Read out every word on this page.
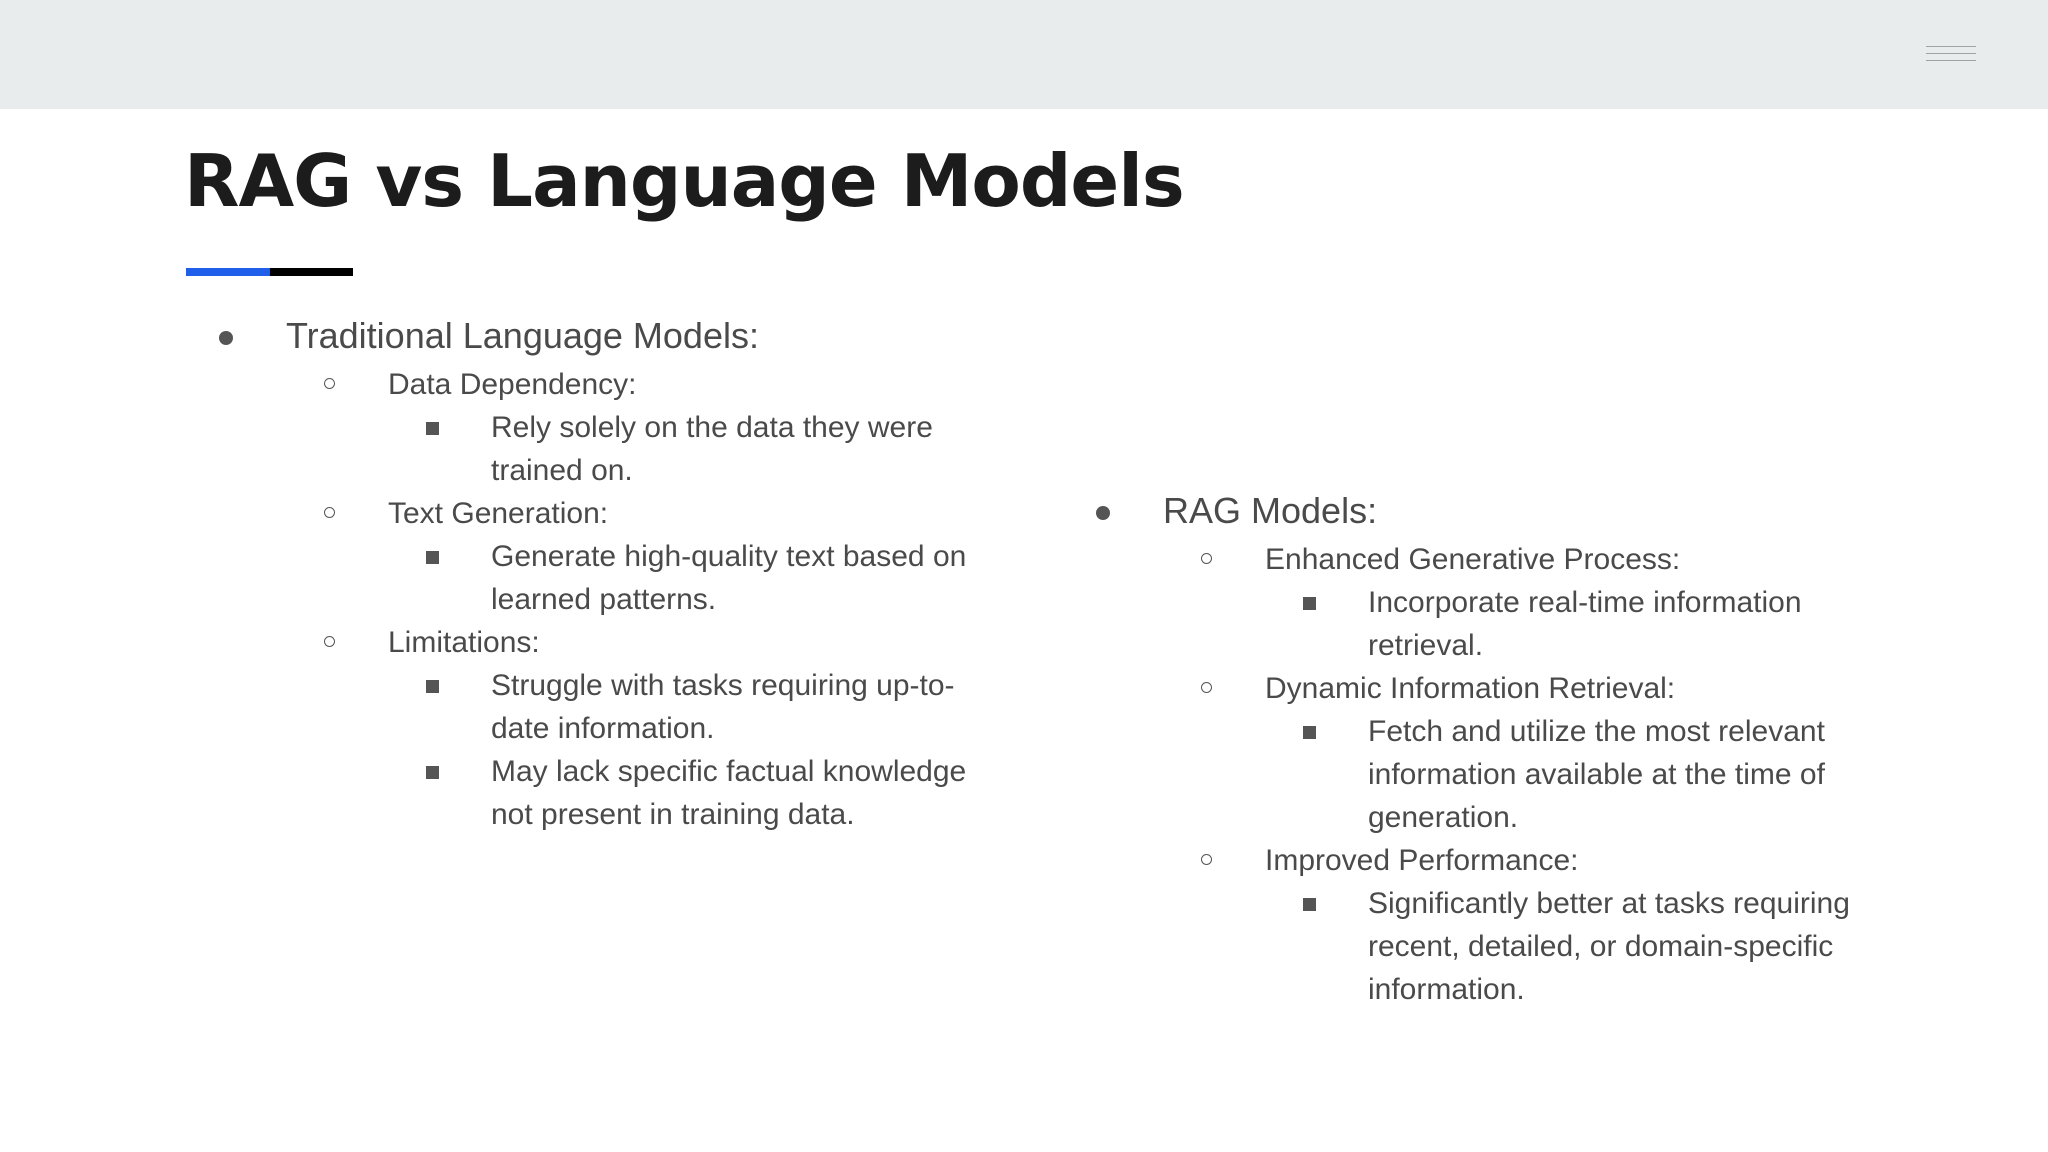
RAG vs Language Models
Traditional Language Models:
Data Dependency:
Rely solely on the data they were trained on.
Text Generation:
Generate high-quality text based on learned patterns.
Limitations:
Struggle with tasks requiring up-to-date information.
May lack specific factual knowledge not present in training data.
RAG Models:
Enhanced Generative Process:
Incorporate real-time information retrieval.
Dynamic Information Retrieval:
Fetch and utilize the most relevant information available at the time of generation.
Improved Performance:
Significantly better at tasks requiring recent, detailed, or domain-specific information.
